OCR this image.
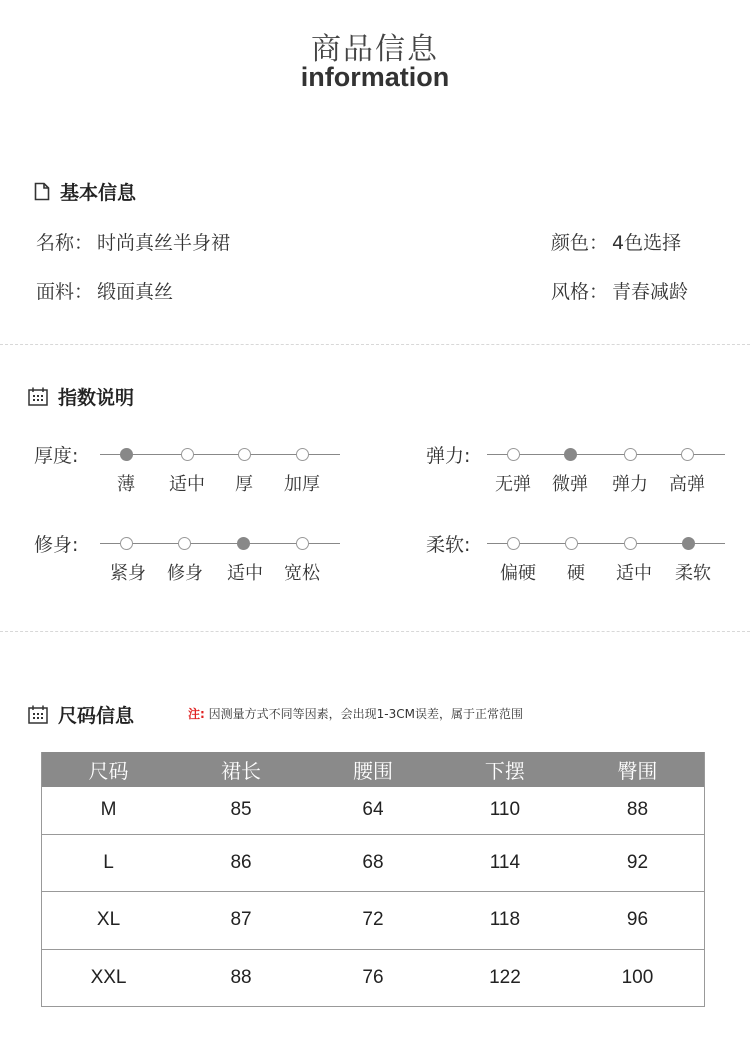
商品信息
information
基本信息
名称： 时尚真丝半身裙	颜色： 4色选择
面料： 缎面真丝	风格： 青春减龄
指数说明
厚度:
薄 适中 厚 加厚
弹力:
无弹 微弹 弹力 高弹
修身:
紧身 修身 适中 宽松
柔软:
偏硬 硬 适中 柔软
尺码信息	注: 因测量方式不同等因素，会出现1-3CM误差，属于正常范围
尺码	裙长	腰围	下摆	臀围
M	85	64	110	88
L	86	68	114	92
XL	87	72	118	96
XXL	88	76	122	100
